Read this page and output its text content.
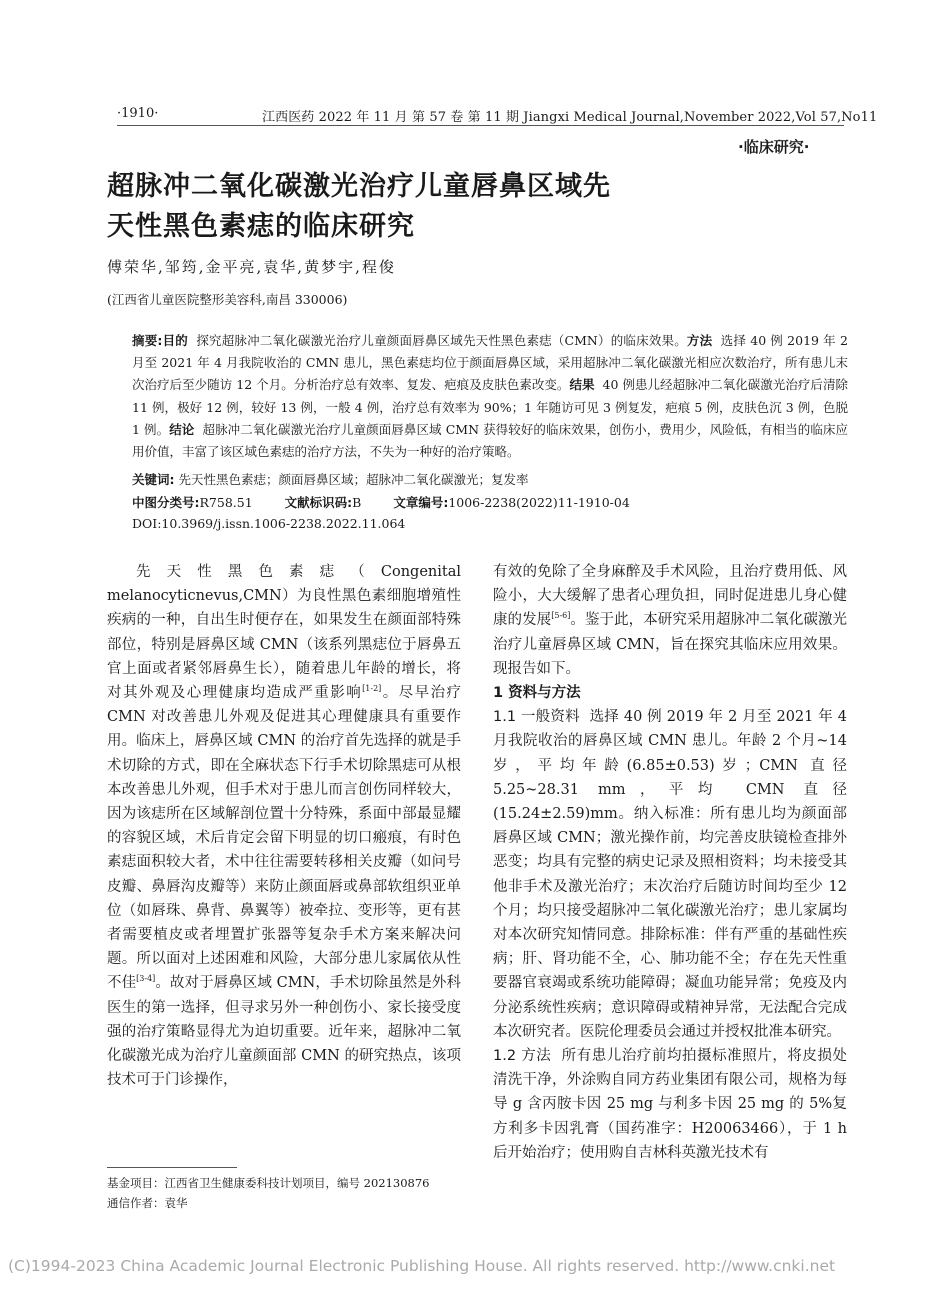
·1910·	江西医药 2022 年 11 月 第 57 卷 第 11 期 Jiangxi Medical Journal,November 2022,Vol 57,No11
·临床研究·
超脉冲二氧化碳激光治疗儿童唇鼻区域先
天性黑色素痣的临床研究
傅荣华,邹筠,金平亮,袁华,黄梦宇,程俊
(江西省儿童医院整形美容科,南昌 330006)

摘要:目的 探究超脉冲二氧化碳激光治疗儿童颜面唇鼻区域先天性黑色素痣（CMN）的临床效果。方法 选择 40 例 2019 年 2 月至 2021 年 4 月我院收治的 CMN 患儿，黑色素痣均位于颜面唇鼻区域，采用超脉冲二氧化碳激光相应次数治疗，所有患儿末次治疗后至少随访 12 个月。分析治疗总有效率、复发、疤痕及皮肤色素改变。结果 40 例患儿经超脉冲二氧化碳激光治疗后清除 11 例，极好 12 例，较好 13 例，一般 4 例，治疗总有效率为 90%；1 年随访可见 3 例复发，疤痕 5 例，皮肤色沉 3 例，色脱 1 例。结论 超脉冲二氧化碳激光治疗儿童颜面唇鼻区域 CMN 获得较好的临床效果，创伤小，费用少，风险低，有相当的临床应用价值，丰富了该区域色素痣的治疗方法，不失为一种好的治疗策略。

关键词: 先天性黑色素痣；颜面唇鼻区域；超脉冲二氧化碳激光；复发率
中图分类号:R758.51	文献标识码:B	文章编号:1006-2238(2022)11-1910-04
DOI:10.3969/j.issn.1006-2238.2022.11.064

先天性黑色素痣（Congenital melanocyticnevus,CMN）为良性黑色素细胞增殖性疾病的一种，自出生时便存在，如果发生在颜面部特殊部位，特别是唇鼻区域 CMN（该系列黑痣位于唇鼻五官上面或者紧邻唇鼻生长），随着患儿年龄的增长，将对其外观及心理健康均造成严重影响[1-2]。尽早治疗 CMN 对改善患儿外观及促进其心理健康具有重要作用。临床上，唇鼻区域 CMN 的治疗首先选择的就是手术切除的方式，即在全麻状态下行手术切除黑痣可从根本改善患儿外观，但手术对于患儿而言创伤同样较大，因为该痣所在区域解剖位置十分特殊，系面中部最显耀的容貌区域，术后肯定会留下明显的切口瘢痕，有时色素痣面积较大者，术中往往需要转移相关皮瓣（如问号皮瓣、鼻唇沟皮瓣等）来防止颜面唇或鼻部软组织亚单位（如唇珠、鼻背、鼻翼等）被牵拉、变形等，更有甚者需要植皮或者埋置扩张器等复杂手术方案来解决问题。所以面对上述困难和风险，大部分患儿家属依从性不佳[3-4]。故对于唇鼻区域 CMN，手术切除虽然是外科医生的第一选择，但寻求另外一种创伤小、家长接受度强的治疗策略显得尤为迫切重要。近年来，超脉冲二氧化碳激光成为治疗儿童颜面部 CMN 的研究热点，该项技术可于门诊操作，

有效的免除了全身麻醉及手术风险，且治疗费用低、风险小，大大缓解了患者心理负担，同时促进患儿身心健康的发展[5-6]。鉴于此，本研究采用超脉冲二氧化碳激光治疗儿童唇鼻区域 CMN，旨在探究其临床应用效果。现报告如下。

1 资料与方法

1.1 一般资料 选择 40 例 2019 年 2 月至 2021 年 4 月我院收治的唇鼻区域 CMN 患儿。年龄 2 个月~14 岁，平均年龄(6.85±0.53)岁；CMN 直径 5.25~28.31 mm，平均 CMN 直径(15.24±2.59)mm。纳入标准：所有患儿均为颜面部唇鼻区域 CMN；激光操作前，均完善皮肤镜检查排外恶变；均具有完整的病史记录及照相资料；均未接受其他非手术及激光治疗；末次治疗后随访时间均至少 12 个月；均只接受超脉冲二氧化碳激光治疗；患儿家属均对本次研究知情同意。排除标准：伴有严重的基础性疾病；肝、肾功能不全，心、肺功能不全；存在先天性重要器官衰竭或系统功能障碍；凝血功能异常；免疫及内分泌系统性疾病；意识障碍或精神异常，无法配合完成本次研究者。医院伦理委员会通过并授权批准本研究。

1.2 方法 所有患儿治疗前均拍摄标准照片，将皮损处清洗干净，外涂购自同方药业集团有限公司，规格为每导 g 含丙胺卡因 25 mg 与利多卡因 25 mg 的 5%复方利多卡因乳膏（国药准字：H20063466），于 1 h 后开始治疗；使用购自吉林科英激光技术有

基金项目：江西省卫生健康委科技计划项目，编号 202130876
通信作者：袁华
(C)1994-2023 China Academic Journal Electronic Publishing House. All rights reserved. http://www.cnki.net
